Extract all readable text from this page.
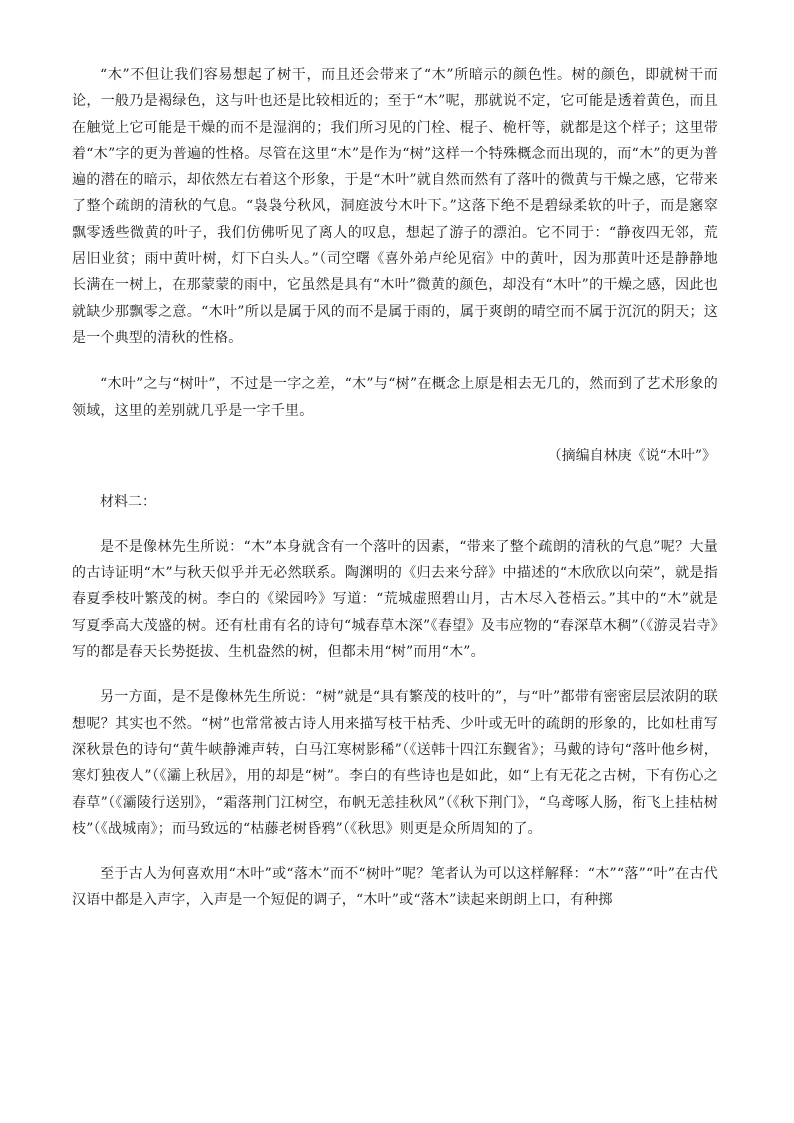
“木”不但让我们容易想起了树干，而且还会带来了“木”所暗示的颜色性。树的颜色，即就树干而论，一般乃是褐绿色，这与叶也还是比较相近的；至于“木”呢，那就说不定，它可能是透着黄色，而且在触觉上它可能是干燥的而不是湿润的；我们所习见的门栓、棍子、桅杆等，就都是这个样子；这里带着“木”字的更为普遍的性格。尽管在这里“木”是作为“树”这样一个特殊概念而出现的，而“木”的更为普遍的潜在的暗示，却依然左右着这个形象，于是“木叶”就自然而然有了落叶的微黄与干燥之感，它带来了整个疏朗的清秋的气息。“袅袅兮秋风，洞庭波兮木叶下。”这落下绝不是碧绿柔软的叶子，而是窸窣飘零透些微黄的叶子，我们仿佛听见了离人的叹息，想起了游子的漂泊。它不同于：“静夜四无邻，荒居旧业贫；雨中黄叶树，灯下白头人。”（司空曙《喜外弟卢纶见宿》中的黄叶，因为那黄叶还是静静地长满在一树上，在那蒙蒙的雨中，它虽然是具有“木叶”微黄的颜色，却没有“木叶”的干燥之感，因此也就缺少那飘零之意。“木叶”所以是属于风的而不是属于雨的，属于爽朗的晴空而不属于沉沉的阴天；这是一个典型的清秋的性格。

“木叶”之与“树叶”，不过是一字之差，“木”与“树”在概念上原是相去无几的，然而到了艺术形象的领域，这里的差别就几乎是一字千里。

（摘编自林庚《说“木叶”》

材料二：

是不是像林先生所说：“木”本身就含有一个落叶的因素，“带来了整个疏朗的清秋的气息”呢？大量的古诗证明“木”与秋天似乎并无必然联系。陶渊明的《归去来兮辞》中描述的“木欣欣以向荣”，就是指春夏季枝叶繁茂的树。李白的《梁园吟》写道：“荒城虚照碧山月，古木尽入苍梧云。”其中的“木”就是写夏季高大茂盛的树。还有杜甫有名的诗句“城春草木深”《春望》及韦应物的“春深草木稠”（《游灵岩寺》写的都是春天长势挺拔、生机盎然的树，但都未用“树”而用“木”。

另一方面，是不是像林先生所说：“树”就是“具有繁茂的枝叶的”，与“叶”都带有密密层层浓阴的联想呢？其实也不然。“树”也常常被古诗人用来描写枝干枯秃、少叶或无叶的疏朗的形象的，比如杜甫写深秋景色的诗句“黄牛峡静滩声转，白马江寒树影稀”（《送韩十四江东觐省》；马戴的诗句“落叶他乡树，寒灯独夜人”（《灞上秋居》，用的却是“树”。李白的有些诗也是如此，如“上有无花之古树，下有伤心之春草”（《灞陵行送别》，“霜落荆门江树空，布帆无恙挂秋风”（《秋下荆门》，“乌鸢啄人肠，衔飞上挂枯树枝”（《战城南》；而马致远的“枯藤老树昏鸦”（《秋思》则更是众所周知的了。

至于古人为何喜欢用“木叶”或“落木”而不“树叶”呢？笔者认为可以这样解释：“木”“落”“叶”在古代汉语中都是入声字，入声是一个短促的调子，“木叶”或“落木”读起来朗朗上口，有种掷
